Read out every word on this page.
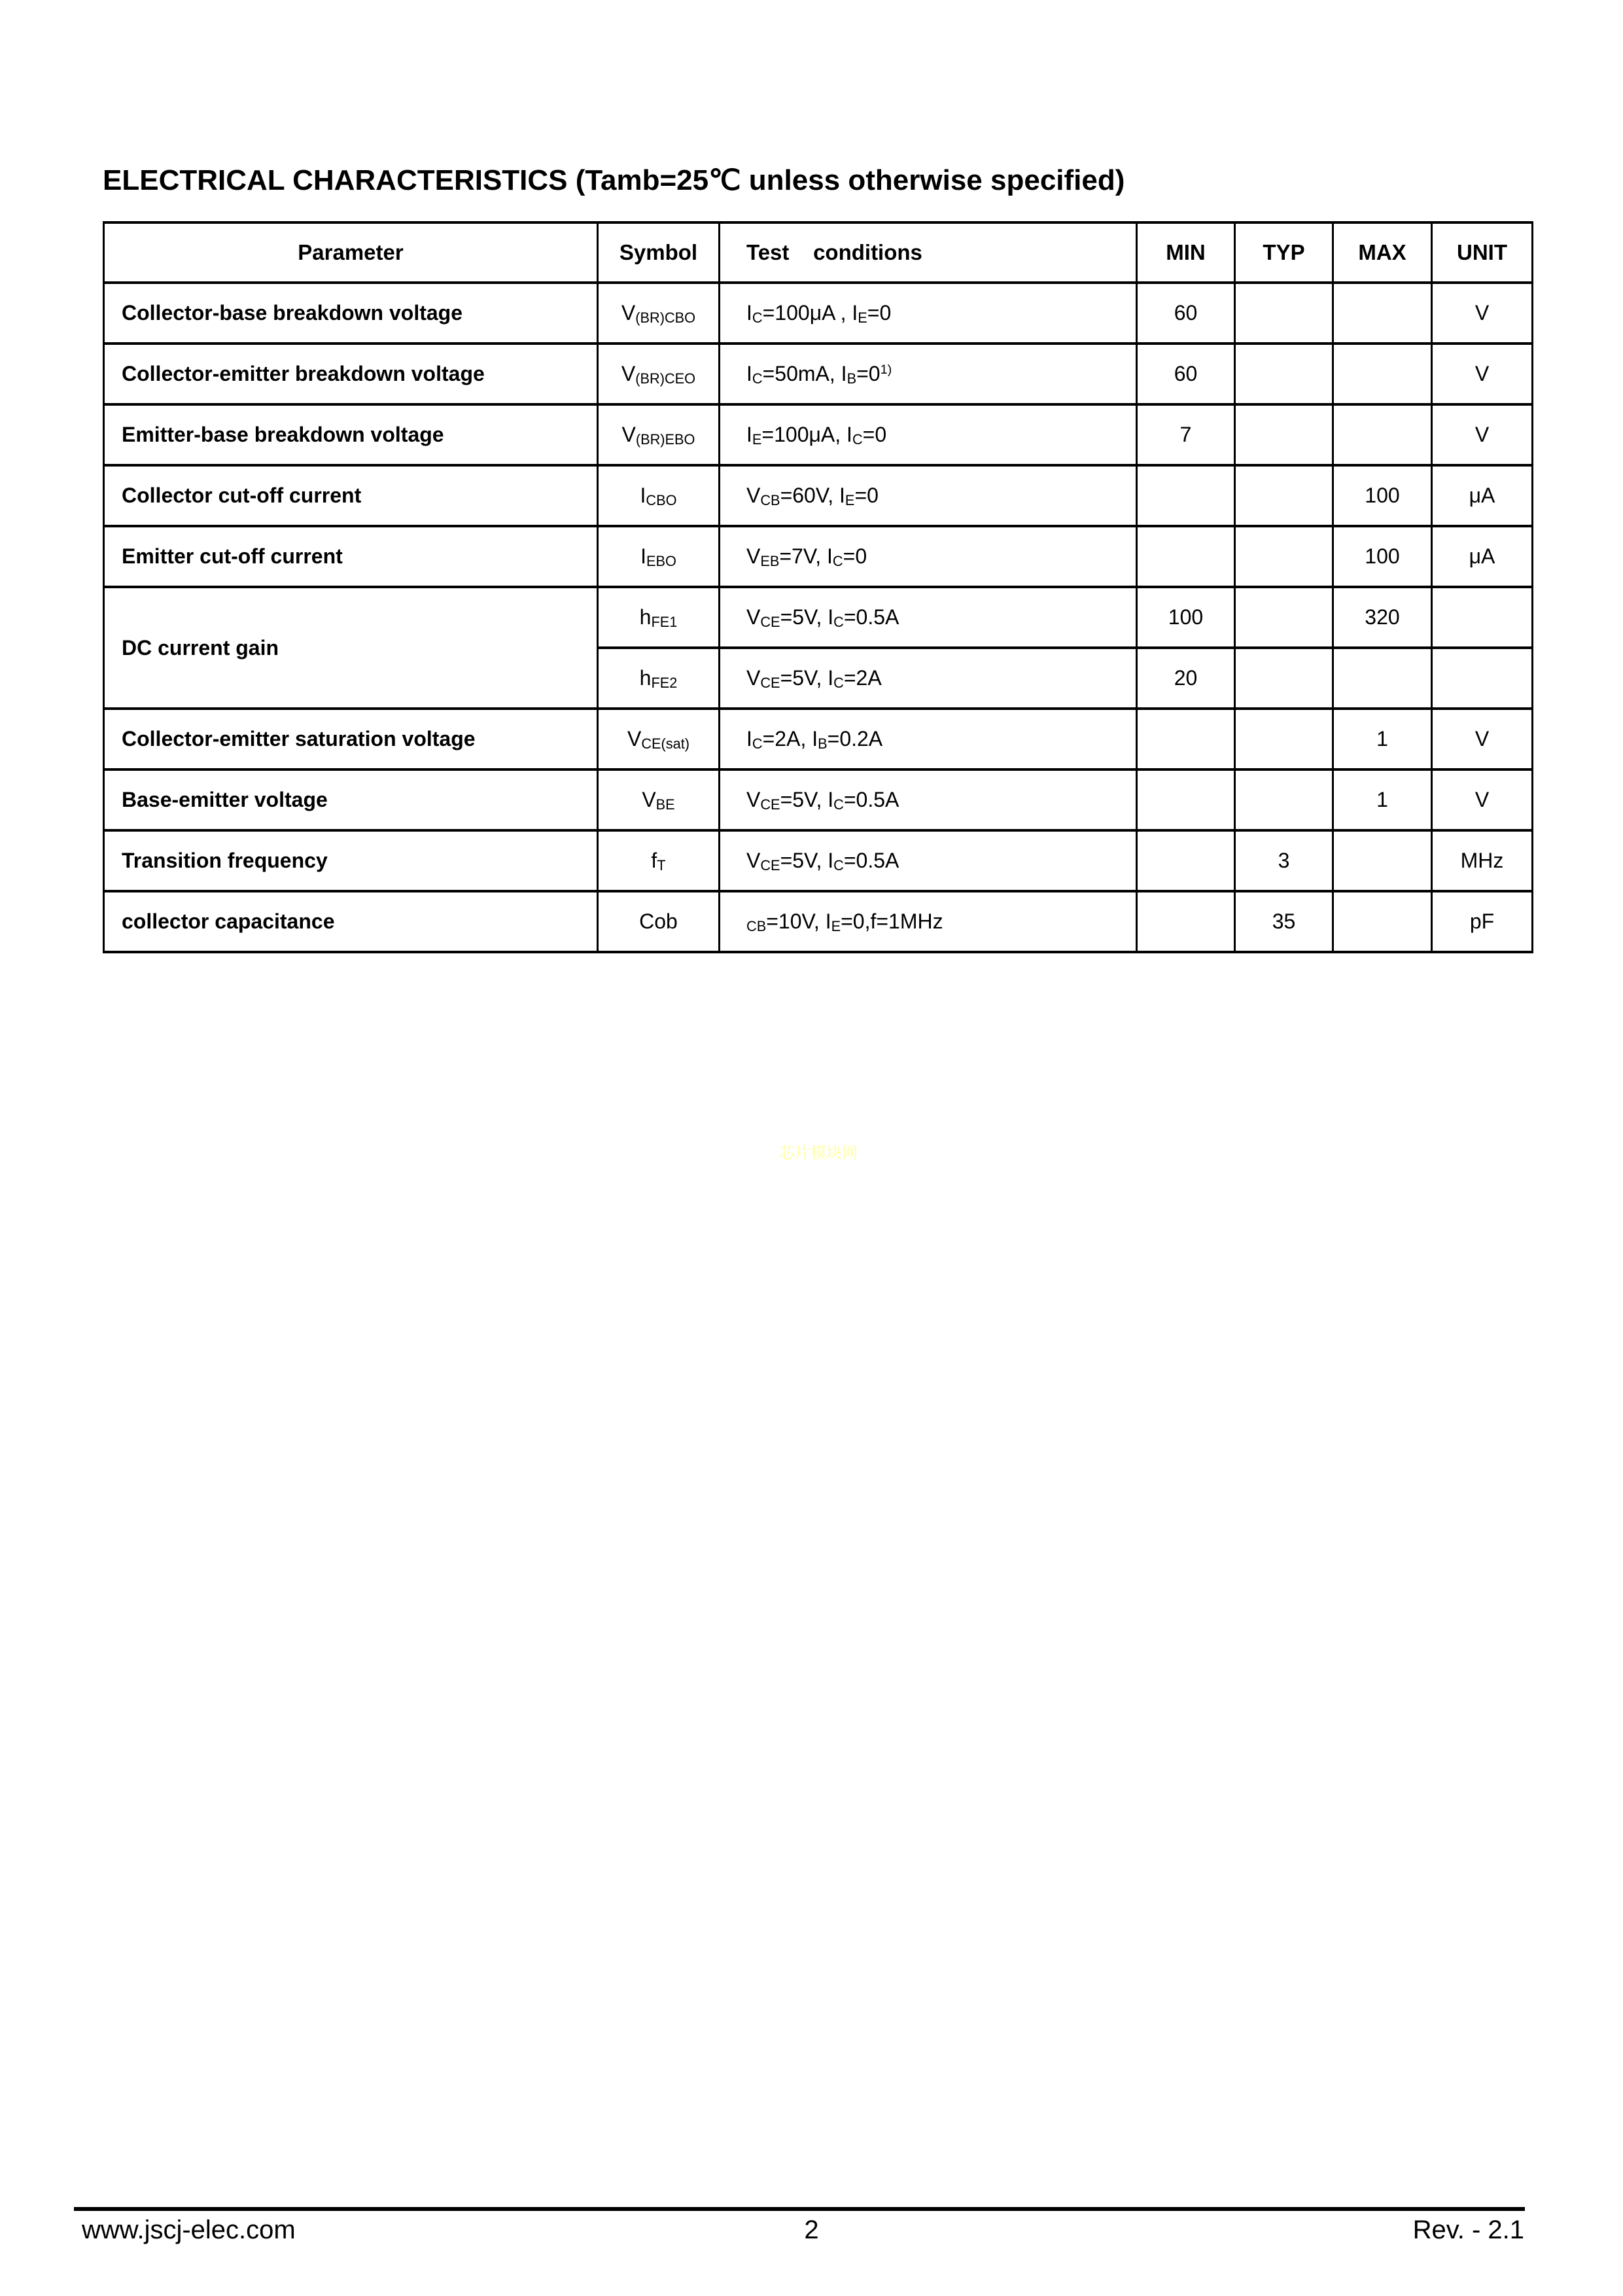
ELECTRICAL CHARACTERISTICS (Tamb=25℃ unless otherwise specified)
Parameter	Symbol	Test    conditions	MIN	TYP	MAX	UNIT
Collector-base breakdown voltage	$V_{(BR)CBO}$	$I_C=100\mu A$ , $I_E=0$	60			V
Collector-emitter breakdown voltage	$V_{(BR)CEO}$	$I_C=50mA$, $I_B=0^{1)}$	60			V
Emitter-base breakdown voltage	$V_{(BR)EBO}$	$I_E=100\mu A$, $I_C=0$	7			V
Collector cut-off current	$I_{CBO}$	$V_{CB}=60V$, $I_E=0$			100	μA
Emitter cut-off current	$I_{EBO}$	$V_{EB}=7V$, $I_C=0$			100	μA
DC current gain	$h_{FE1}$	$V_{CE}=5V$, $I_C=0.5A$	100		320	
	$h_{FE2}$	$V_{CE}=5V$, $I_C=2A$	20			
Collector-emitter saturation voltage	$V_{CE(sat)}$	$I_C=2A$, $I_B=0.2A$			1	V
Base-emitter voltage	$V_{BE}$	$V_{CE}=5V$, $I_C=0.5A$			1	V
Transition frequency	$f_T$	$V_{CE}=5V$, $I_C=0.5A$		3		MHz
collector capacitance	Cob	$_{CB}$=10V, $I_E=0,f=1MHz$		35		pF
芯片模块网
www.jscj-elec.com	2	Rev. - 2.1
